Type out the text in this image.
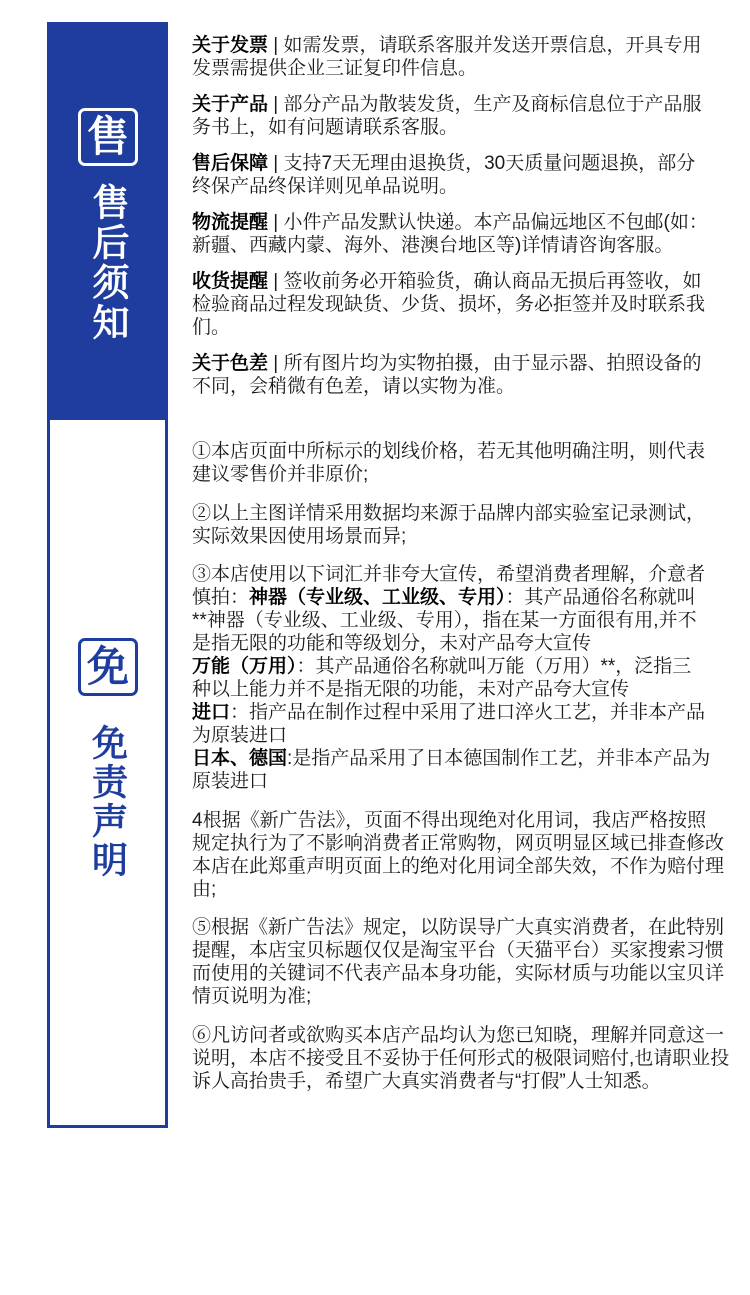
售
售后须知
免
免责声明
关于发票 | 如需发票，请联系客服并发送开票信息，开具专用
发票需提供企业三证复印件信息。
关于产品 | 部分产品为散装发货，生产及商标信息位于产品服
务书上，如有问题请联系客服。
售后保障 | 支持7天无理由退换货，30天质量问题退换，部分
终保产品终保详则见单品说明。
物流提醒 | 小件产品发默认快递。本产品偏远地区不包邮(如：
新疆、西藏内蒙、海外、港澳台地区等)详情请咨询客服。
收货提醒 | 签收前务必开箱验货，确认商品无损后再签收，如
检验商品过程发现缺货、少货、损坏，务必拒签并及时联系我
们。
关于色差 | 所有图片均为实物拍摄，由于显示器、拍照设备的
不同，会稍微有色差，请以实物为准。
①本店页面中所标示的划线价格，若无其他明确注明，则代表
建议零售价并非原价;
②以上主图详情采用数据均来源于品牌内部实验室记录测试，
实际效果因使用场景而异;
③本店使用以下词汇并非夸大宣传，希望消费者理解，介意者
慎拍：神器（专业级、工业级、专用）：其产品通俗名称就叫
**神器（专业级、工业级、专用），指在某一方面很有用,并不
是指无限的功能和等级划分，未对产品夸大宣传
万能（万用）：其产品通俗名称就叫万能（万用）**，泛指三
种以上能力并不是指无限的功能，未对产品夸大宣传
进口：指产品在制作过程中采用了进口淬火工艺，并非本产品
为原装进口
日本、德国:是指产品采用了日本德国制作工艺，并非本产品为
原装进口
4根据《新广告法》，页面不得出现绝对化用词，我店严格按照
规定执行为了不影响消费者正常购物，网页明显区域已排查修改
本店在此郑重声明页面上的绝对化用词全部失效，不作为赔付理
由;
⑤根据《新广告法》规定，以防误导广大真实消费者，在此特别
提醒，本店宝贝标题仅仅是淘宝平台（天猫平台）买家搜索习惯
而使用的关键词不代表产品本身功能，实际材质与功能以宝贝详
情页说明为准;
⑥凡访问者或欲购买本店产品均认为您已知晓，理解并同意这一
说明，本店不接受且不妥协于任何形式的极限词赔付,也请职业投
诉人高抬贵手，希望广大真实消费者与“打假”人士知悉。
